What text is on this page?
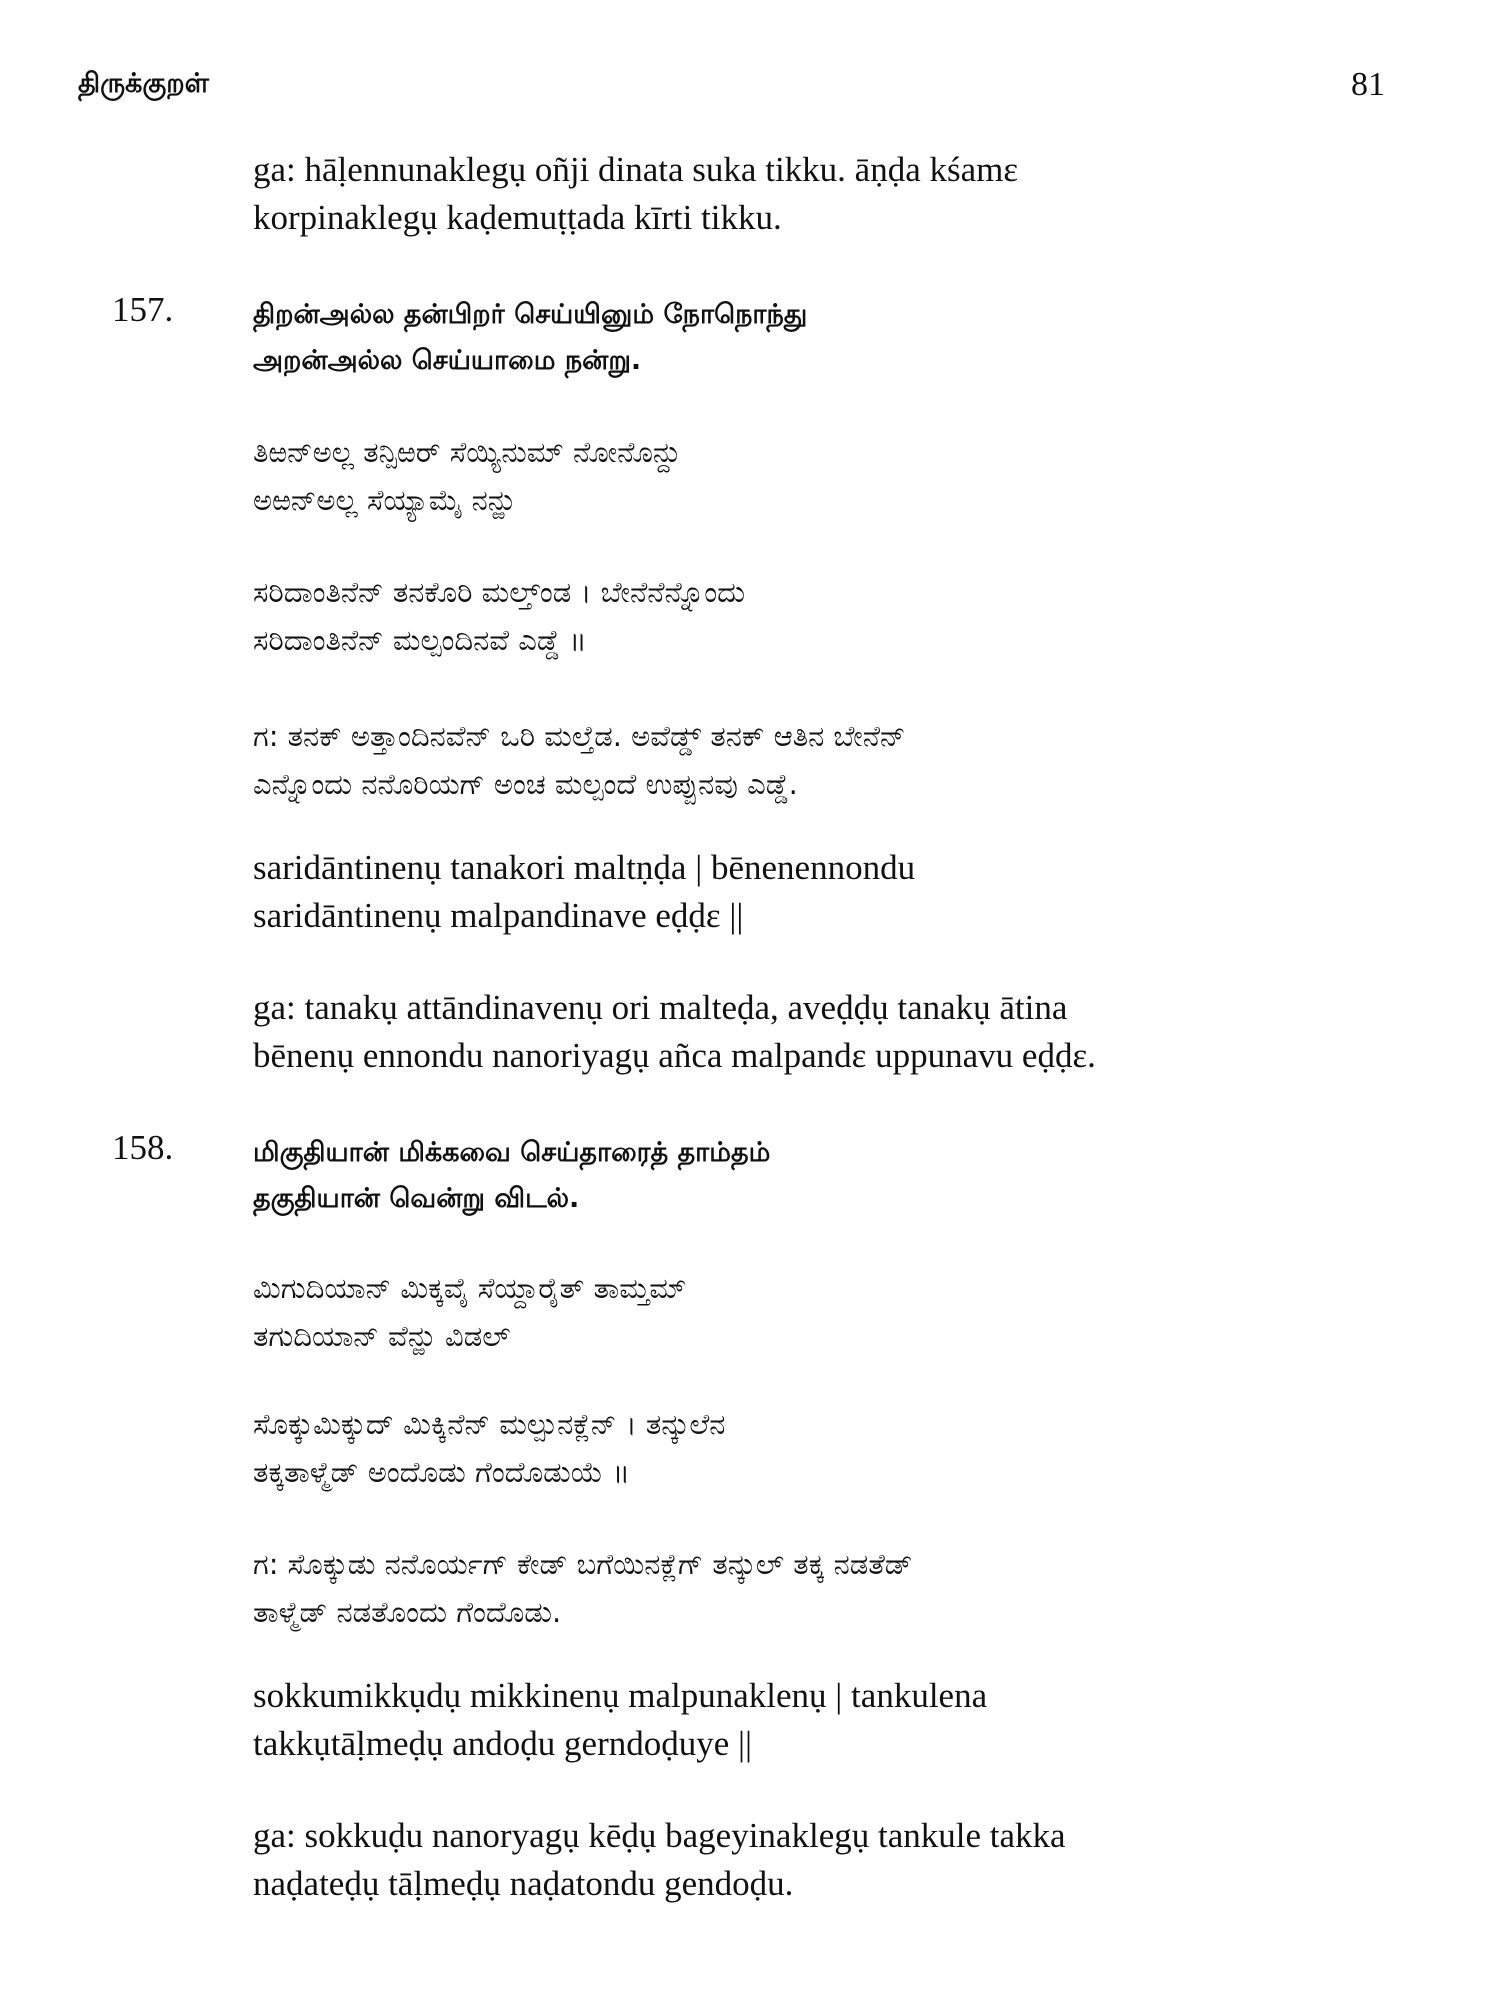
திருக்குறள்	81

ga: hāḷennunaklegụ oñji dinata suka tikku. āṇḍa kśamɛ
korpinaklegụ kaḍemuṭṭada kīrti tikku.

157.	திறன்அல்ல தன்பிறர் செய்யினும் நோநொந்து
அறன்அல்ல செய்யாமை நன்று.

ತಿಱನ್‌ಅಲ್ಲ ತನ್ಪಿಱರ್ ಸೆಯ್ಯಿನುಮ್ ನೋನೊನ್ದು
ಅಱನ್‌ಅಲ್ಲ ಸೆಯ್ಯಾಮೈ ನನ್ಱು

ಸರಿದಾಂತಿನೆನ್ ತನಕೊರಿ ಮಲ್ತ್ಂಡ । ಬೇನೆನೆನ್ನೊಂದು
ಸರಿದಾಂತಿನೆನ್ ಮಲ್ಪಂದಿನವೆ ಎಡ್ಡೆ ॥

ಗ: ತನಕ್ ಅತ್ತಾಂದಿನವೆನ್ ಒರಿ ಮಲ್ತೆಡ. ಅವೆಡ್ಡ್ ತನಕ್ ಆತಿನ ಬೇನೆನ್
ಎನ್ನೊಂದು ನನೊರಿಯಗ್ ಅಂಚ ಮಲ್ಪಂದೆ ಉಪ್ಪುನವು ಎಡ್ಡೆ.

saridāntinenụ tanakori maltṇḍa | bēnenennondu
saridāntinenụ malpandinave eḍḍɛ ||

ga: tanakụ attāndinavenụ ori malteḍa, aveḍḍụ tanakụ ātina
bēnenụ ennondu nanoriyagụ añca malpandɛ uppunavu eḍḍɛ.

158.	மிகுதியான் மிக்கவை செய்தாரைத் தாம்தம்
தகுதியான் வென்று விடல்.

ಮಿಗುದಿಯಾನ್ ಮಿಕ್ಕವೈ ಸೆಯ್ದಾರೈತ್ ತಾಮ್ತಮ್
ತಗುದಿಯಾನ್ ವೆನ್ಱು ವಿಡಲ್

ಸೊಕ್ಕುಮಿಕ್ಕುದ್ ಮಿಕ್ಕಿನೆನ್ ಮಲ್ಪುನಕ್ಲೆನ್ । ತನ್ಕುಲೆನ
ತಕ್ಕತಾಳ್ಮೆಡ್ ಅಂದೊಡು ಗೆಂದೊಡುಯೆ ॥

ಗ: ಸೊಕ್ಕುಡು ನನೊರ್ಯಗ್ ಕೇಡ್ ಬಗೆಯಿನಕ್ಲೆಗ್ ತನ್ಕುಲ್ ತಕ್ಕ ನಡತೆಡ್
ತಾಳ್ಮೆಡ್ ನಡತೊಂದು ಗೆಂದೊಡು.

sokkumikkụdụ mikkinenụ malpunaklenụ | tankulena
takkụtāḷmeḍụ andoḍu gerndoḍuye ||

ga: sokkuḍu nanoryagụ kēḍụ bageyinaklegụ tankule takka
naḍateḍụ tāḷmeḍụ naḍatondu gendoḍu.
